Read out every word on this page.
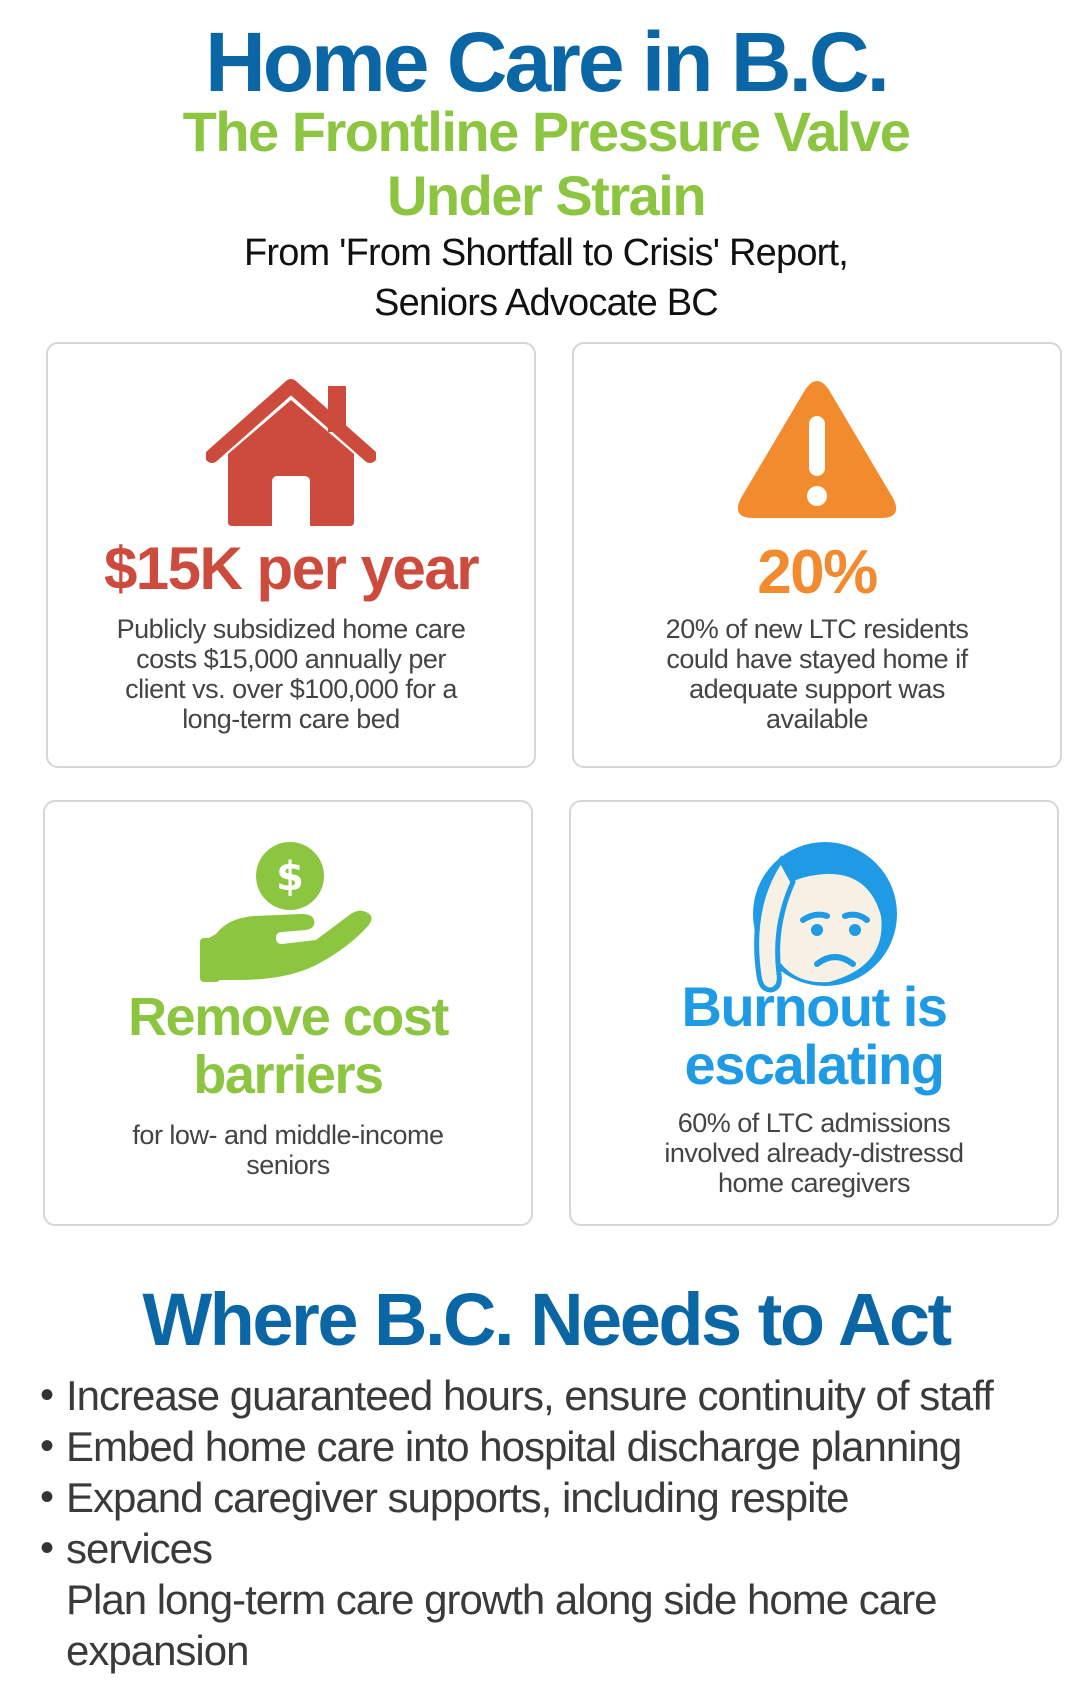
Home Care in B.C.
The Frontline Pressure Valve
Under Strain
From 'From Shortfall to Crisis' Report,
Seniors Advocate BC
$15K per year
Publicly subsidized home care
costs $15,000 annually per
client vs. over $100,000 for a
long-term care bed
20%
20% of new LTC residents
could have stayed home if
adequate support was
available
$
Remove cost
barriers
for low- and middle-income
seniors
Burnout is
escalating
60% of LTC admissions
involved already-distressd
home caregivers
Where B.C. Needs to Act
• Increase guaranteed hours, ensure continuity of staff
• Embed home care into hospital discharge planning
• Expand caregiver supports, including respite
• services
Plan long-term care growth along side home care
expansion
